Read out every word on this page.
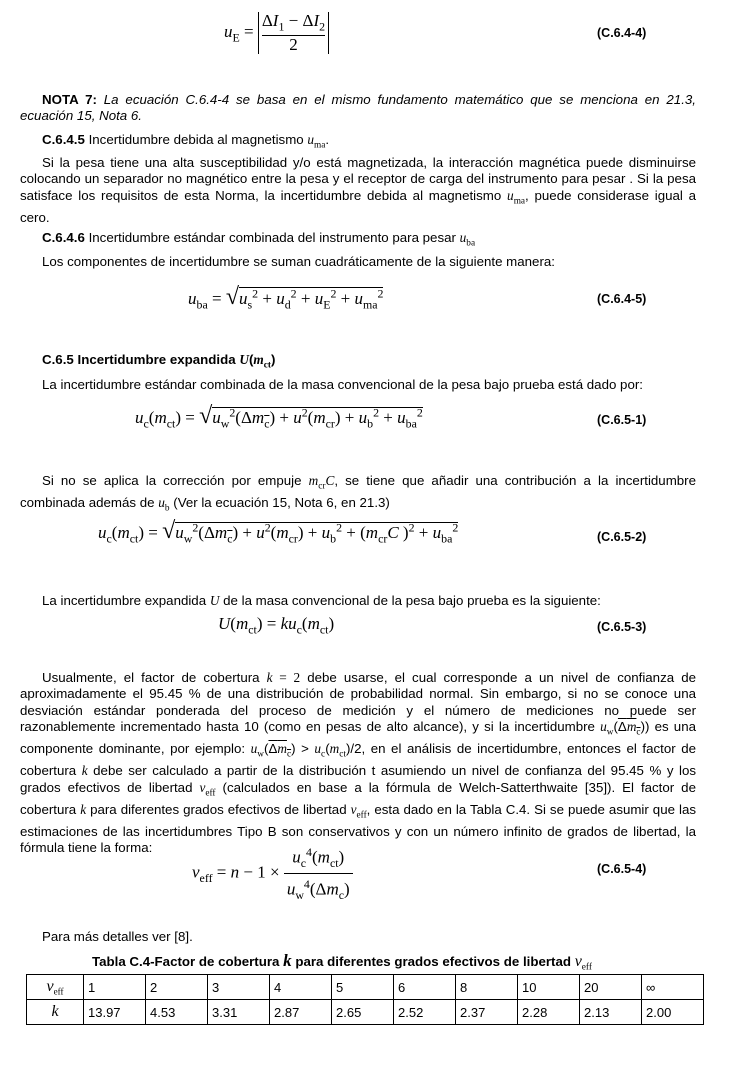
$u_E = \frac{\Delta I_1 - \Delta I_2}{2}$	(C.6.4-4)
NOTA 7: La ecuación C.6.4-4 se basa en el mismo fundamento matemático que se menciona en 21.3, ecuación 15, Nota 6.
C.6.4.5 Incertidumbre debida al magnetismo $u_{ma}$.
Si la pesa tiene una alta susceptibilidad y/o está magnetizada, la interacción magnética puede disminuirse colocando un separador no magnético entre la pesa y el receptor de carga del instrumento para pesar . Si la pesa satisface los requisitos de esta Norma, la incertidumbre debida al magnetismo $u_{ma}$, puede considerase igual a cero.
C.6.4.6 Incertidumbre estándar combinada del instrumento para pesar $u_{ba}$
Los componentes de incertidumbre se suman cuadráticamente de la siguiente manera:
$u_{ba} = √u_s^2 + u_d^2 + u_E^2 + u_{ma}^2$	(C.6.4-5)
C.6.5 Incertidumbre expandida $U(m_{ct})$
La incertidumbre estándar combinada de la masa convencional de la pesa bajo prueba está dado por:
$u_c(m_{ct}) = √u_w^2(\Delta m_c) + u^2(m_{cr}) + u_b^2 + u_{ba}^2$
(C.6.5-1)
Si no se aplica la corrección por empuje $m_{cr}C$, se tiene que añadir una contribución a la incertidumbre combinada además de $u_b$ (Ver la ecuación 15, Nota 6, en 21.3)
$u_c(m_{ct}) = √u_w^2(\Delta m_c) + u^2(m_{cr}) + u_b^2 + (m_{cr}C$ )$^2 + u_{ba}^2$
(C.6.5-2)
La incertidumbre expandida U de la masa convencional de la pesa bajo prueba es la siguiente:
$U(m_{ct}) = ku_c(m_{ct})$	(C.6.5-3)
Usualmente, el factor de cobertura k = 2 debe usarse, el cual corresponde a un nivel de confianza de aproximadamente el 95.45 % de una distribución de probabilidad normal. Sin embargo, si no se conoce una desviación estándar ponderada del proceso de medición y el número de mediciones no puede ser razonablemente incrementado hasta 10 (como en pesas de alto alcance), y si la incertidumbre $u_w(\Delta m_c)$) es una componente dominante, por ejemplo: $u_w(\Delta m_c) > u_c(m_{ct})/2$, en el análisis de incertidumbre, entonces el factor de cobertura k debe ser calculado a partir de la distribución t asumiendo un nivel de confianza del 95.45 % y los grados efectivos de libertad $\nu_{eff}$ (calculados en base a la fórmula de Welch-Satterthwaite [35]). El factor de cobertura k para diferentes grados efectivos de libertad $\nu_{eff}$, esta dado en la Tabla C.4. Si se puede asumir que las estimaciones de las incertidumbres Tipo B son conservativos y con un número infinito de grados de libertad, la fórmula tiene la forma:
$\nu_{eff} = n - 1$ ×
$u_c^4(m_{ct})$
$u_w^4(\Delta m_c)$
(C.6.5-4)
Para más detalles ver [8].
Tabla C.4-Factor de cobertura k para diferentes grados efectivos de libertad $\nu_{eff}$
$\nu_{eff}$	1	2	3	4	5	6	8	10	20	∞
k	13.97	4.53	3.31	2.87	2.65	2.52	2.37	2.28	2.13	2.00
